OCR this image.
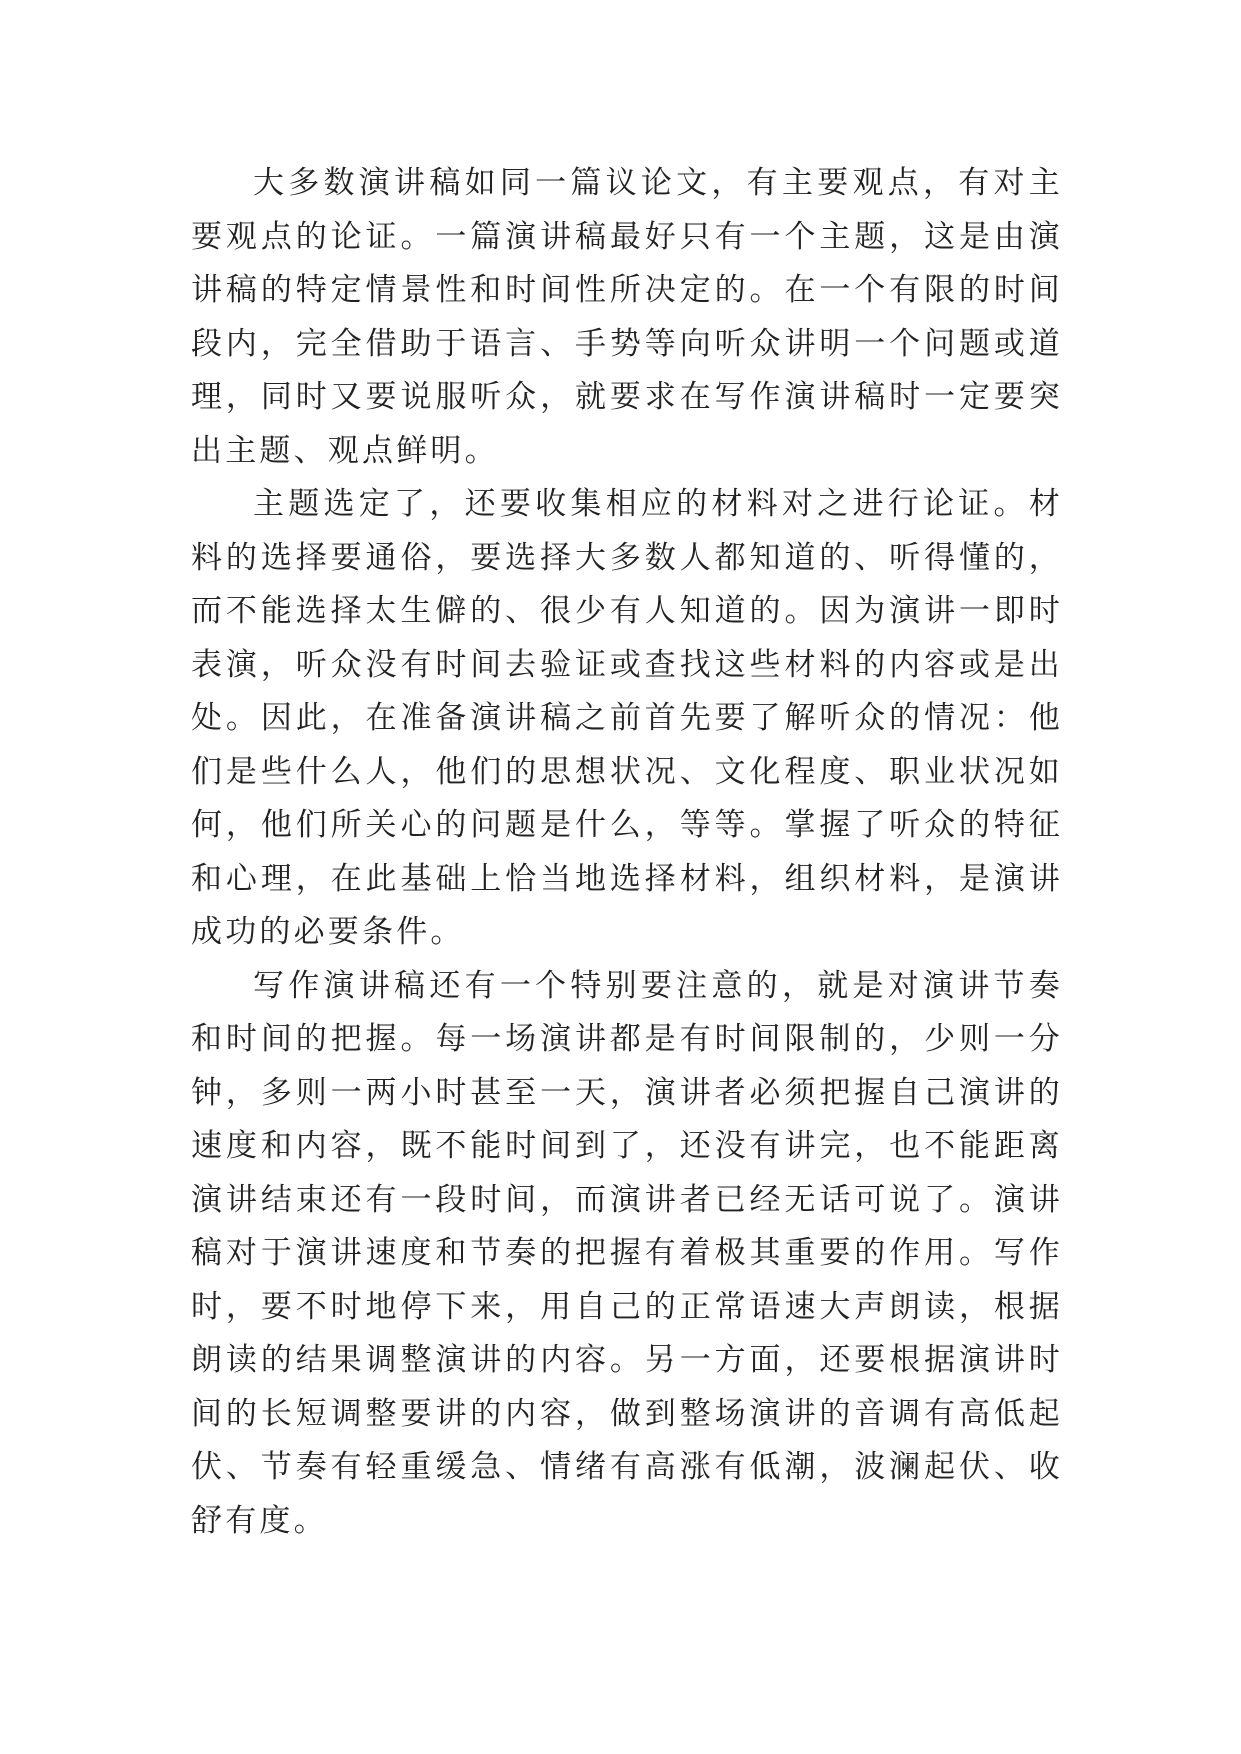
大多数演讲稿如同一篇议论文，有主要观点，有对主要观点的论证。一篇演讲稿最好只有一个主题，这是由演讲稿的特定情景性和时间性所决定的。在一个有限的时间段内，完全借助于语言、手势等向听众讲明一个问题或道理，同时又要说服听众，就要求在写作演讲稿时一定要突出主题、观点鲜明。

主题选定了，还要收集相应的材料对之进行论证。材料的选择要通俗，要选择大多数人都知道的、听得懂的，而不能选择太生僻的、很少有人知道的。因为演讲一即时表演，听众没有时间去验证或查找这些材料的内容或是出处。因此，在准备演讲稿之前首先要了解听众的情况：他们是些什么人，他们的思想状况、文化程度、职业状况如何，他们所关心的问题是什么，等等。掌握了听众的特征和心理，在此基础上恰当地选择材料，组织材料，是演讲成功的必要条件。

写作演讲稿还有一个特别要注意的，就是对演讲节奏和时间的把握。每一场演讲都是有时间限制的，少则一分钟，多则一两小时甚至一天，演讲者必须把握自己演讲的速度和内容，既不能时间到了，还没有讲完，也不能距离演讲结束还有一段时间，而演讲者已经无话可说了。演讲稿对于演讲速度和节奏的把握有着极其重要的作用。写作时，要不时地停下来，用自己的正常语速大声朗读，根据朗读的结果调整演讲的内容。另一方面，还要根据演讲时间的长短调整要讲的内容，做到整场演讲的音调有高低起伏、节奏有轻重缓急、情绪有高涨有低潮，波澜起伏、收舒有度。
